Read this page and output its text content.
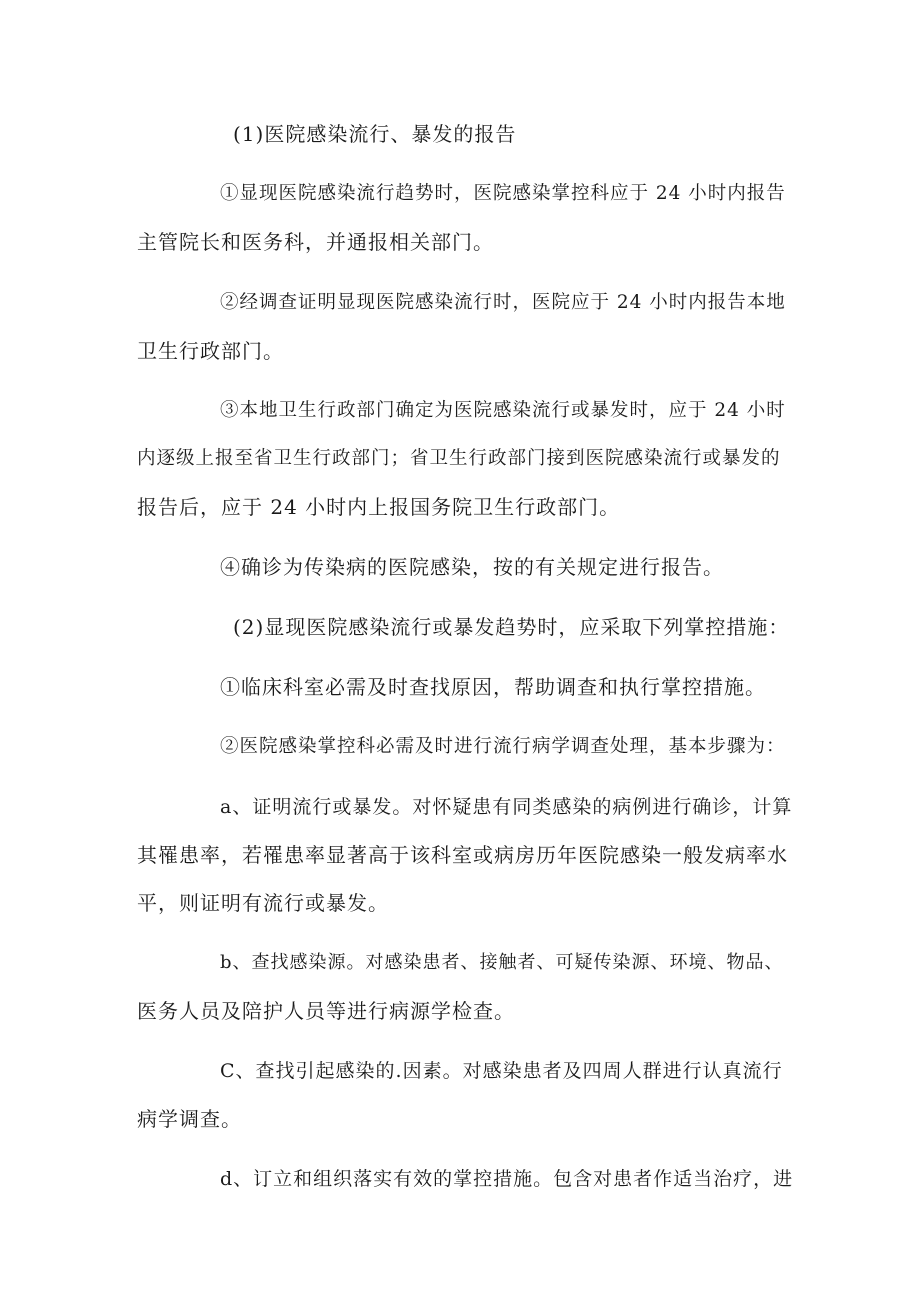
(1)医院感染流行、暴发的报告
①显现医院感染流行趋势时，医院感染掌控科应于 24 小时内报告
主管院长和医务科，并通报相关部门。
②经调查证明显现医院感染流行时，医院应于 24 小时内报告本地
卫生行政部门。
③本地卫生行政部门确定为医院感染流行或暴发时，应于 24 小时
内逐级上报至省卫生行政部门；省卫生行政部门接到医院感染流行或暴发的
报告后，应于 24 小时内上报国务院卫生行政部门。
④确诊为传染病的医院感染，按的有关规定进行报告。
(2)显现医院感染流行或暴发趋势时，应采取下列掌控措施：
①临床科室必需及时查找原因，帮助调查和执行掌控措施。
②医院感染掌控科必需及时进行流行病学调查处理，基本步骤为：
a、证明流行或暴发。对怀疑患有同类感染的病例进行确诊，计算
其罹患率，若罹患率显著高于该科室或病房历年医院感染一般发病率水
平，则证明有流行或暴发。
b、查找感染源。对感染患者、接触者、可疑传染源、环境、物品、
医务人员及陪护人员等进行病源学检查。
C、查找引起感染的.因素。对感染患者及四周人群进行认真流行
病学调查。
d、订立和组织落实有效的掌控措施。包含对患者作适当治疗，进
